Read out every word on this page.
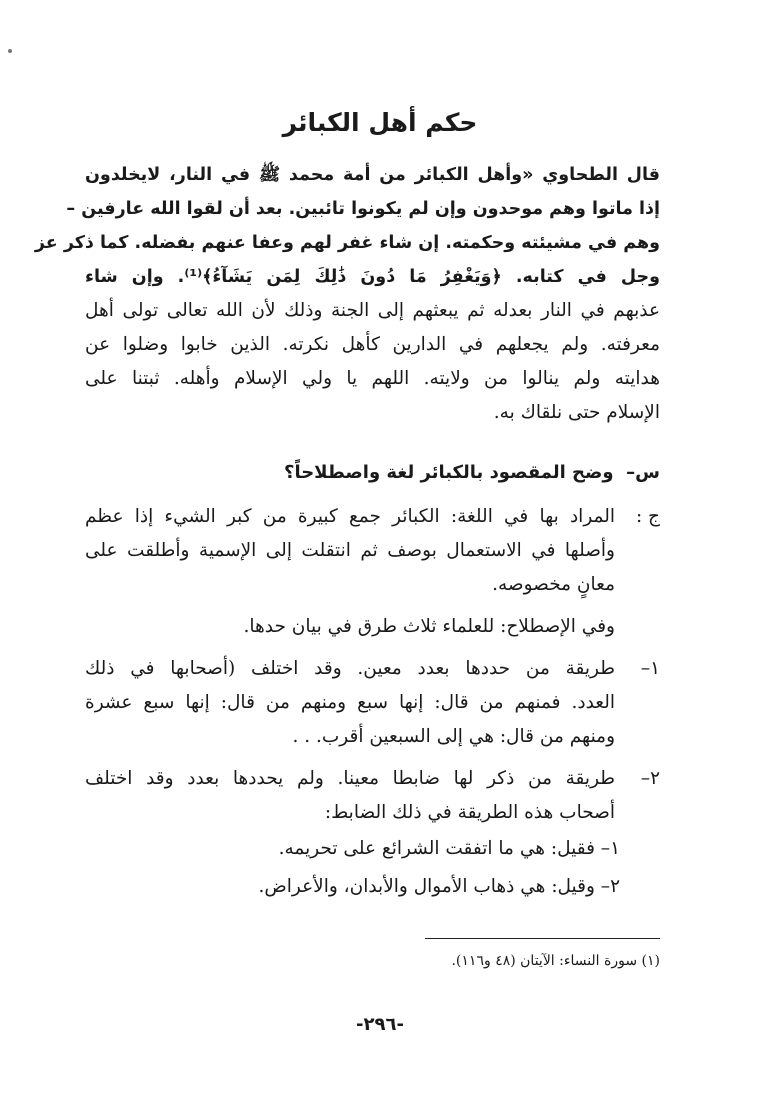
حكم أهل الكبائر
قال الطحاوي «وأهل الكبائر من أمة محمد ﷺ في النار، لايخلدون
إذا ماتوا وهم موحدون وإن لم يكونوا تائبين. بعد أن لقوا الله عارفين –
وهم في مشيئته وحكمته. إن شاء غفر لهم وعفا عنهم بفضله. كما ذكر عز
وجل في كتابه. ﴿وَيَغْفِرُ مَا دُونَ ذَٰلِكَ لِمَن يَشَآءُ﴾⁽¹⁾. وإن شاء
عذبهم في النار بعدله ثم يبعثهم إلى الجنة وذلك لأن الله تعالى تولى أهل
معرفته. ولم يجعلهم في الدارين كأهل نكرته. الذين خابوا وضلوا عن
هدايته ولم ينالوا من ولايته. اللهم يا ولي الإسلام وأهله. ثبتنا على
الإسلام حتى نلقاك به.
س–  وضح المقصود بالكبائر لغة واصطلاحاً؟
ج :
المراد بها في اللغة: الكبائر جمع كبيرة من كبر الشيء إذا عظم
وأصلها في الاستعمال بوصف ثم انتقلت إلى الإسمية وأطلقت على
معانٍ مخصوصه.
وفي الإصطلاح: للعلماء ثلاث طرق في بيان حدها.
١–
طريقة من حددها بعدد معين. وقد اختلف (أصحابها في ذلك
العدد. فمنهم من قال: إنها سبع ومنهم من قال: إنها سبع عشرة
ومنهم من قال: هي إلى السبعين أقرب. . .
٢–
طريقة من ذكر لها ضابطا معينا. ولم يحددها بعدد وقد اختلف
أصحاب هذه الطريقة في ذلك الضابط:
١– فقيل: هي ما اتفقت الشرائع على تحريمه.
٢– وقيل: هي ذهاب الأموال والأبدان، والأعراض.
(١) سورة النساء: الآيتان (٤٨ و١١٦).
-٢٩٦-
